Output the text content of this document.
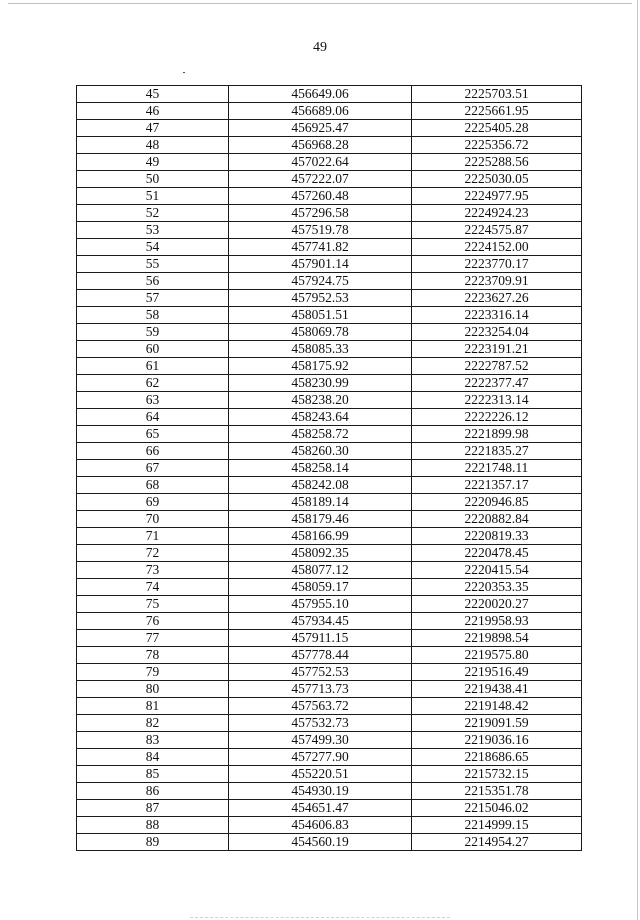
49
45	456649.06	2225703.51
46	456689.06	2225661.95
47	456925.47	2225405.28
48	456968.28	2225356.72
49	457022.64	2225288.56
50	457222.07	2225030.05
51	457260.48	2224977.95
52	457296.58	2224924.23
53	457519.78	2224575.87
54	457741.82	2224152.00
55	457901.14	2223770.17
56	457924.75	2223709.91
57	457952.53	2223627.26
58	458051.51	2223316.14
59	458069.78	2223254.04
60	458085.33	2223191.21
61	458175.92	2222787.52
62	458230.99	2222377.47
63	458238.20	2222313.14
64	458243.64	2222226.12
65	458258.72	2221899.98
66	458260.30	2221835.27
67	458258.14	2221748.11
68	458242.08	2221357.17
69	458189.14	2220946.85
70	458179.46	2220882.84
71	458166.99	2220819.33
72	458092.35	2220478.45
73	458077.12	2220415.54
74	458059.17	2220353.35
75	457955.10	2220020.27
76	457934.45	2219958.93
77	457911.15	2219898.54
78	457778.44	2219575.80
79	457752.53	2219516.49
80	457713.73	2219438.41
81	457563.72	2219148.42
82	457532.73	2219091.59
83	457499.30	2219036.16
84	457277.90	2218686.65
85	455220.51	2215732.15
86	454930.19	2215351.78
87	454651.47	2215046.02
88	454606.83	2214999.15
89	454560.19	2214954.27
